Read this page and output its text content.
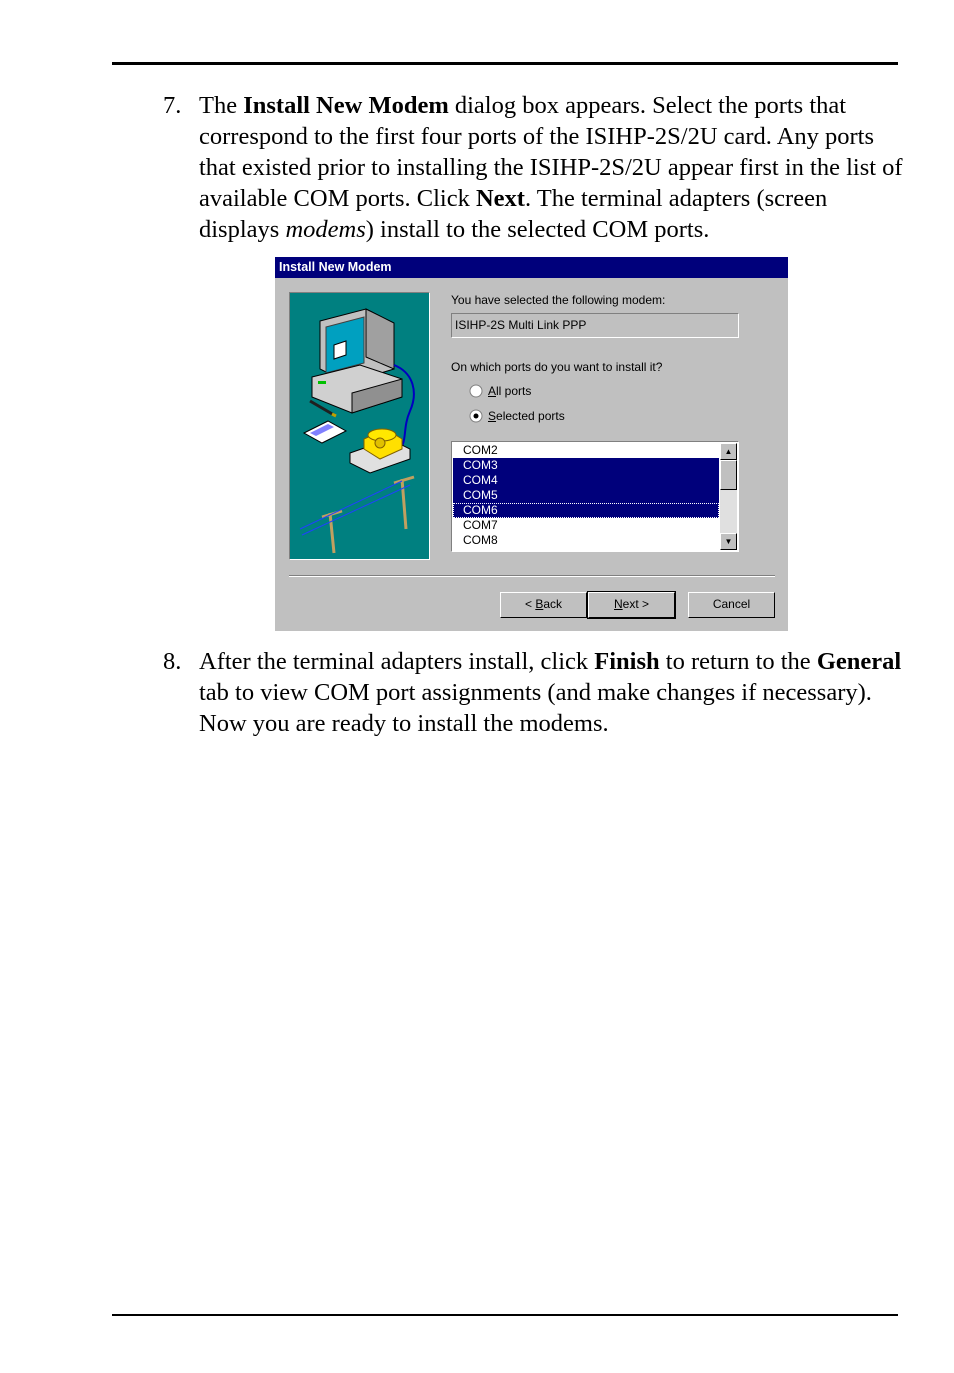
7. The Install New Modem dialog box appears. Select the ports that correspond to the first four ports of the ISIHP-2S/2U card. Any ports that existed prior to installing the ISIHP-2S/2U appear first in the list of available COM ports. Click Next. The terminal adapters (screen displays modems) install to the selected COM ports.
Install New Modem
You have selected the following modem:
ISIHP-2S Multi Link PPP
On which ports do you want to install it?
All ports
Selected ports
COM2
COM3
COM4
COM5
COM6
COM7
COM8
▲
▼
< Back	Next >	Cancel
8. After the terminal adapters install, click Finish to return to the General tab to view COM port assignments (and make changes if necessary). Now you are ready to install the modems.
